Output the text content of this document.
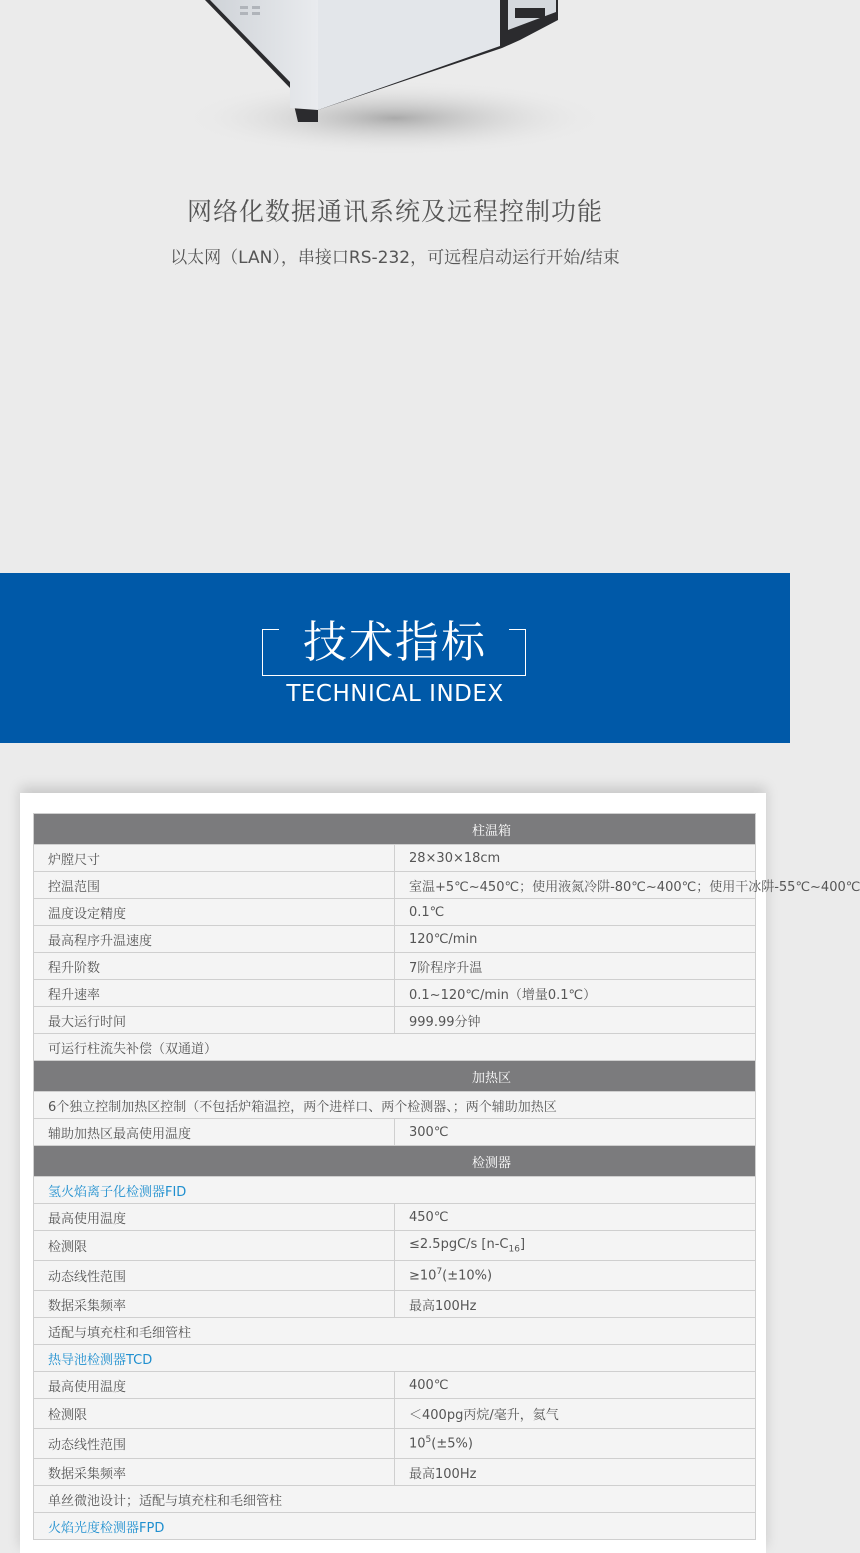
网络化数据通讯系统及远程控制功能
以太网（LAN），串接口RS-232，可远程启动运行开始/结束
技术指标
TECHNICAL INDEX
柱温箱	
炉膛尺寸	28×30×18cm
控温范围	室温+5℃~450℃；使用液氮冷阱-80℃~400℃；使用干冰阱-55℃~400℃
温度设定精度	0.1℃
最高程序升温速度	120℃/min
程升阶数	7阶程序升温
程升速率	0.1~120℃/min（增量0.1℃）
最大运行时间	999.99分钟
可运行柱流失补偿（双通道）	
加热区	
6个独立控制加热区控制（不包括炉箱温控，两个进样口、两个检测器、；两个辅助加热区	
辅助加热区最高使用温度	300℃
检测器	
氢火焰离子化检测器FID	
最高使用温度	450℃
检测限	≤2.5pgC/s $[n-C_{16}]$
动态线性范围	$\ge 10^7(\pm 10\%)$
数据采集频率	最高100Hz
适配与填充柱和毛细管柱	
热导池检测器TCD	
最高使用温度	400℃
检测限	＜400pg丙烷/毫升，氦气
动态线性范围	$10^5(\pm 5\%)$
数据采集频率	最高100Hz
单丝微池设计；适配与填充柱和毛细管柱	
火焰光度检测器FPD	
